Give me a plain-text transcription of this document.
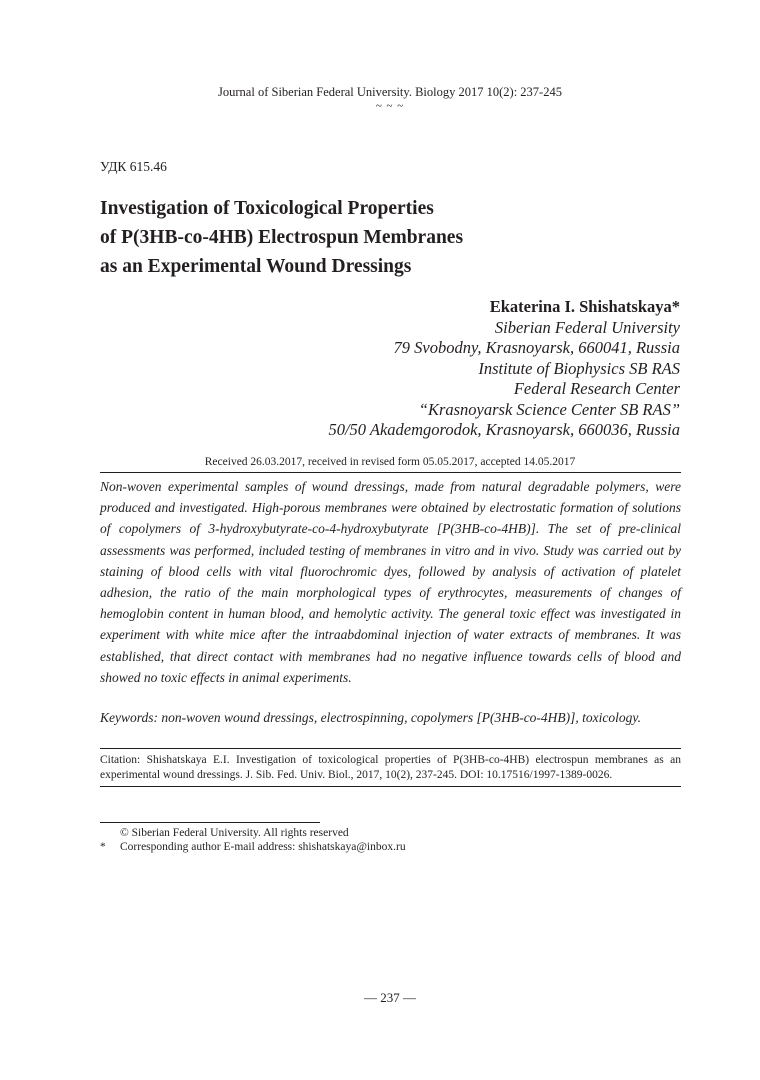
Journal of Siberian Federal University. Biology 2017 10(2): 237-245
~ ~ ~
УДК 615.46
Investigation of Toxicological Properties
of P(3HB-co-4HB) Electrospun Membranes
as an Experimental Wound Dressings
Ekaterina I. Shishatskaya*
Siberian Federal University
79 Svobodny, Krasnoyarsk, 660041, Russia
Institute of Biophysics SB RAS
Federal Research Center
“Krasnoyarsk Science Center SB RAS”
50/50 Akademgorodok, Krasnoyarsk, 660036, Russia
Received 26.03.2017, received in revised form 05.05.2017, accepted 14.05.2017

Non-woven experimental samples of wound dressings, made from natural degradable polymers, were produced and investigated. High-porous membranes were obtained by electrostatic formation of solutions of copolymers of 3-hydroxybutyrate-co-4-hydroxybutyrate [P(3HB-co-4HB)]. The set of pre-clinical assessments was performed, included testing of membranes in vitro and in vivo. Study was carried out by staining of blood cells with vital fluorochromic dyes, followed by analysis of activation of platelet adhesion, the ratio of the main morphological types of erythrocytes, measurements of changes of hemoglobin content in human blood, and hemolytic activity. The general toxic effect was investigated in experiment with white mice after the intraabdominal injection of water extracts of membranes. It was established, that direct contact with membranes had no negative influence towards cells of blood and showed no toxic effects in animal experiments.

Keywords: non-woven wound dressings, electrospinning, copolymers [P(3HB-co-4HB)], toxicology.
Citation: Shishatskaya E.I. Investigation of toxicological properties of P(3HB-co-4HB) electrospun membranes as an experimental wound dressings. J. Sib. Fed. Univ. Biol., 2017, 10(2), 237-245. DOI: 10.17516/1997-1389-0026.
© Siberian Federal University. All rights reserved
* Corresponding author E-mail address: shishatskaya@inbox.ru
— 237 —
